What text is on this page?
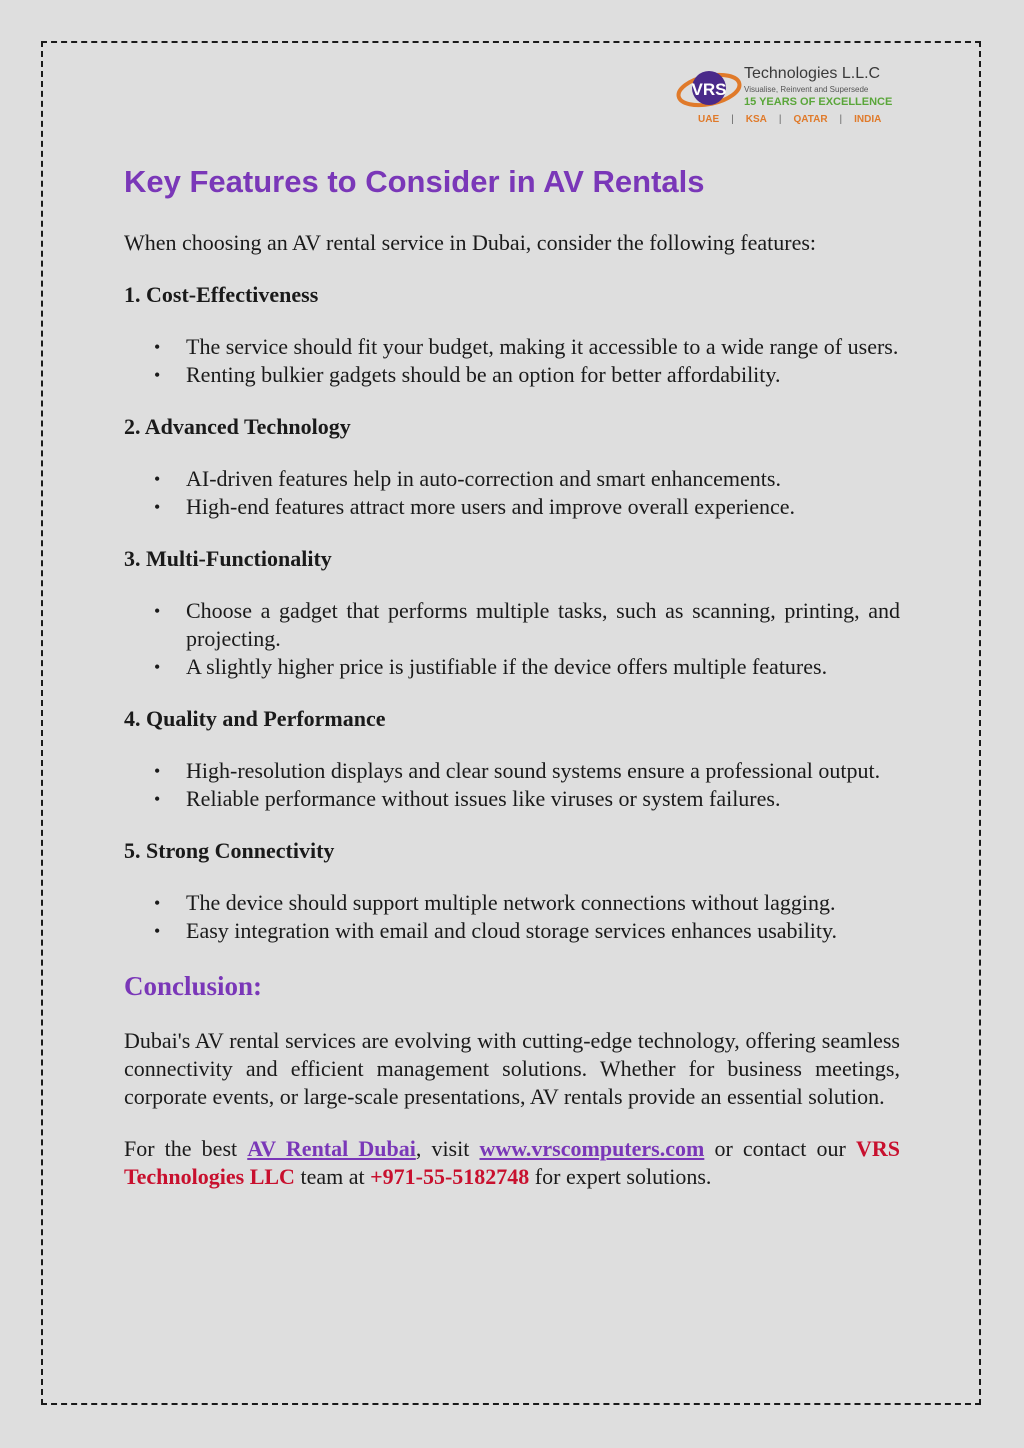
VRS
Technologies L.L.C
Visualise, Reinvent and Supersede
15 YEARS OF EXCELLENCE
UAE	|	KSA	|	QATAR	|	INDIA
Key Features to Consider in AV Rentals

When choosing an AV rental service in Dubai, consider the following features:

1. Cost-Effectiveness

• The service should fit your budget, making it accessible to a wide range of users.
• Renting bulkier gadgets should be an option for better affordability.

2. Advanced Technology

• AI-driven features help in auto-correction and smart enhancements.
• High-end features attract more users and improve overall experience.

3. Multi-Functionality

• Choose a gadget that performs multiple tasks, such as scanning, printing, and projecting.
• A slightly higher price is justifiable if the device offers multiple features.

4. Quality and Performance

• High-resolution displays and clear sound systems ensure a professional output.
• Reliable performance without issues like viruses or system failures.

5. Strong Connectivity

• The device should support multiple network connections without lagging.
• Easy integration with email and cloud storage services enhances usability.

Conclusion:

Dubai's AV rental services are evolving with cutting-edge technology, offering seamless connectivity and efficient management solutions. Whether for business meetings, corporate events, or large-scale presentations, AV rentals provide an essential solution.

For the best AV Rental Dubai, visit www.vrscomputers.com or contact our VRS Technologies LLC team at +971-55-5182748 for expert solutions.
